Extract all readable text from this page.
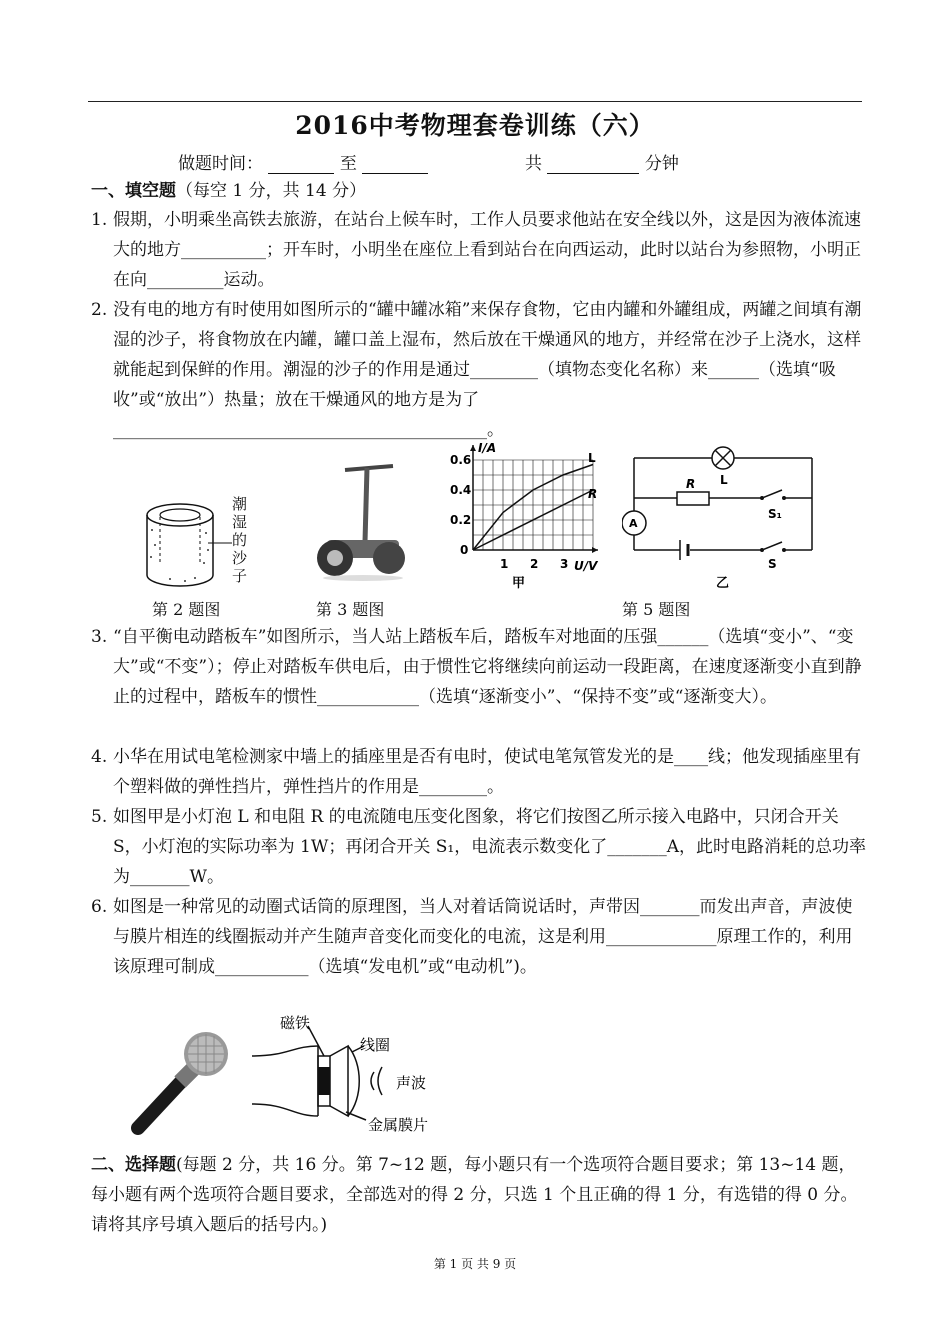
2016中考物理套卷训练（六）
做题时间：	至	共	分钟
一、填空题（每空 1 分，共 14 分）
1. 假期，小明乘坐高铁去旅游，在站台上候车时，工作人员要求他站在安全线以外，这是因为液体流速大的地方__________；开车时，小明坐在座位上看到站台在向西运动，此时以站台为参照物，小明正在向_________运动。
2. 没有电的地方有时使用如图所示的“罐中罐冰箱”来保存食物，它由内罐和外罐组成，两罐之间填有潮湿的沙子，将食物放在内罐，罐口盖上湿布，然后放在干燥通风的地方，并经常在沙子上浇水，这样就能起到保鲜的作用。潮湿的沙子的作用是通过________（填物态变化名称）来______（选填“吸收”或“放出”）热量；放在干燥通风的地方是为了____________________________________________。
潮湿的沙子
I/A
U/V
0.6
0.4
0.2
0
1 2 3
L
R
甲
L
R
A
S₁
S
乙
第 2 题图	第 3 题图	第 5 题图
3. “自平衡电动踏板车”如图所示，当人站上踏板车后，踏板车对地面的压强______（选填“变小”、“变大”或“不变”）；停止对踏板车供电后，由于惯性它将继续向前运动一段距离，在速度逐渐变小直到静止的过程中，踏板车的惯性____________（选填“逐渐变小”、“保持不变”或“逐渐变大）。
4. 小华在用试电笔检测家中墙上的插座里是否有电时，使试电笔氖管发光的是____线；他发现插座里有个塑料做的弹性挡片，弹性挡片的作用是________。
5. 如图甲是小灯泡 L 和电阻 R 的电流随电压变化图象，将它们按图乙所示接入电路中，只闭合开关 S，小灯泡的实际功率为 1W；再闭合开关 S₁，电流表示数变化了_______A，此时电路消耗的总功率为_______W。
6. 如图是一种常见的动圈式话筒的原理图，当人对着话筒说话时，声带因_______而发出声音，声波使与膜片相连的线圈振动并产生随声音变化而变化的电流，这是利用_____________原理工作的，利用该原理可制成___________（选填“发电机”或“电动机”)。
磁铁
线圈
声波
金属膜片
二、选择题(每题 2 分，共 16 分。第 7~12 题，每小题只有一个选项符合题目要求；第 13~14 题，每小题有两个选项符合题目要求，全部选对的得 2 分，只选 1 个且正确的得 1 分，有选错的得 0 分。请将其序号填入题后的括号内。)
第 1 页 共 9 页
